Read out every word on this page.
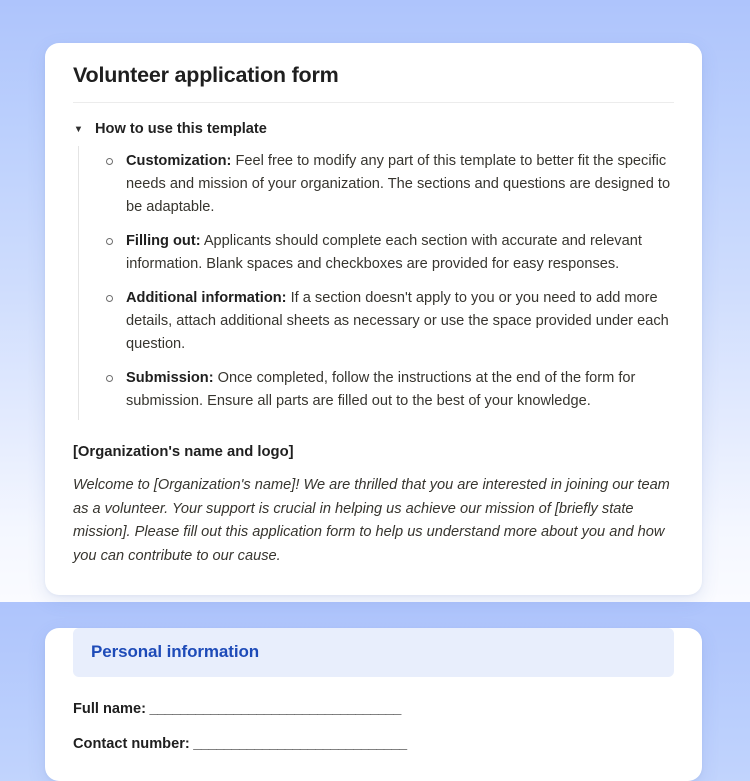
Volunteer application form
▼ How to use this template
Customization: Feel free to modify any part of this template to better fit the specific needs and mission of your organization. The sections and questions are designed to be adaptable.
Filling out: Applicants should complete each section with accurate and relevant information. Blank spaces and checkboxes are provided for easy responses.
Additional information: If a section doesn't apply to you or you need to add more details, attach additional sheets as necessary or use the space provided under each question.
Submission: Once completed, follow the instructions at the end of the form for submission. Ensure all parts are filled out to the best of your knowledge.
[Organization's name and logo]

Welcome to [Organization's name]! We are thrilled that you are interested in joining our team as a volunteer. Your support is crucial in helping us achieve our mission of [briefly state mission]. Please fill out this application form to help us understand more about you and how you can contribute to our cause.

Personal information
Full name: _________________________________
Contact number: ____________________________
